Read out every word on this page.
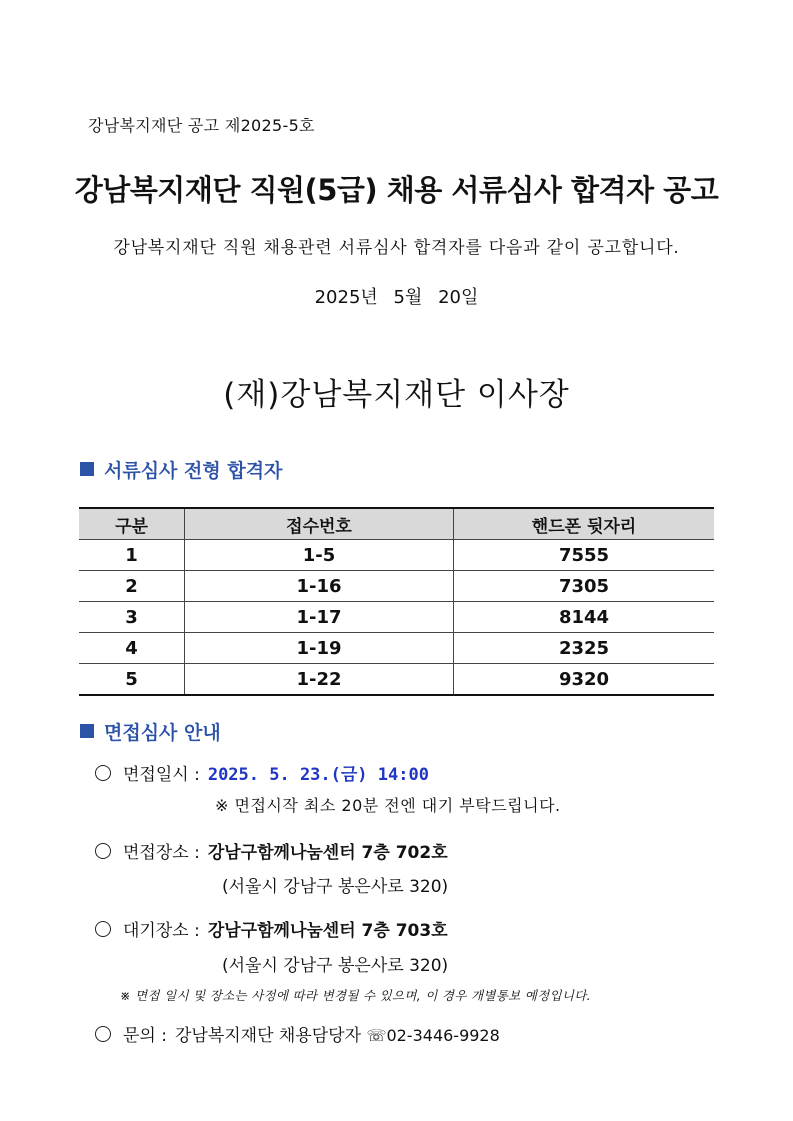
강남복지재단 공고 제2025-5호
강남복지재단 직원(5급) 채용 서류심사 합격자 공고
강남복지재단 직원 채용관련 서류심사 합격자를 다음과 같이 공고합니다.
2025년 5월 20일
(재)강남복지재단 이사장
서류심사 전형 합격자
구분	접수번호	핸드폰 뒷자리
1	1-5	7555
2	1-16	7305
3	1-17	8144
4	1-19	2325
5	1-22	9320
면접심사 안내
면접일시 : 2025. 5. 23.(금) 14:00
※ 면접시작 최소 20분 전엔 대기 부탁드립니다.
면접장소 : 강남구함께나눔센터 7층 702호
(서울시 강남구 봉은사로 320)
대기장소 : 강남구함께나눔센터 7층 703호
(서울시 강남구 봉은사로 320)
※ 면접 일시 및 장소는 사정에 따라 변경될 수 있으며, 이 경우 개별통보 예정입니다.
문의 : 강남복지재단 채용담당자 ☏02-3446-9928
